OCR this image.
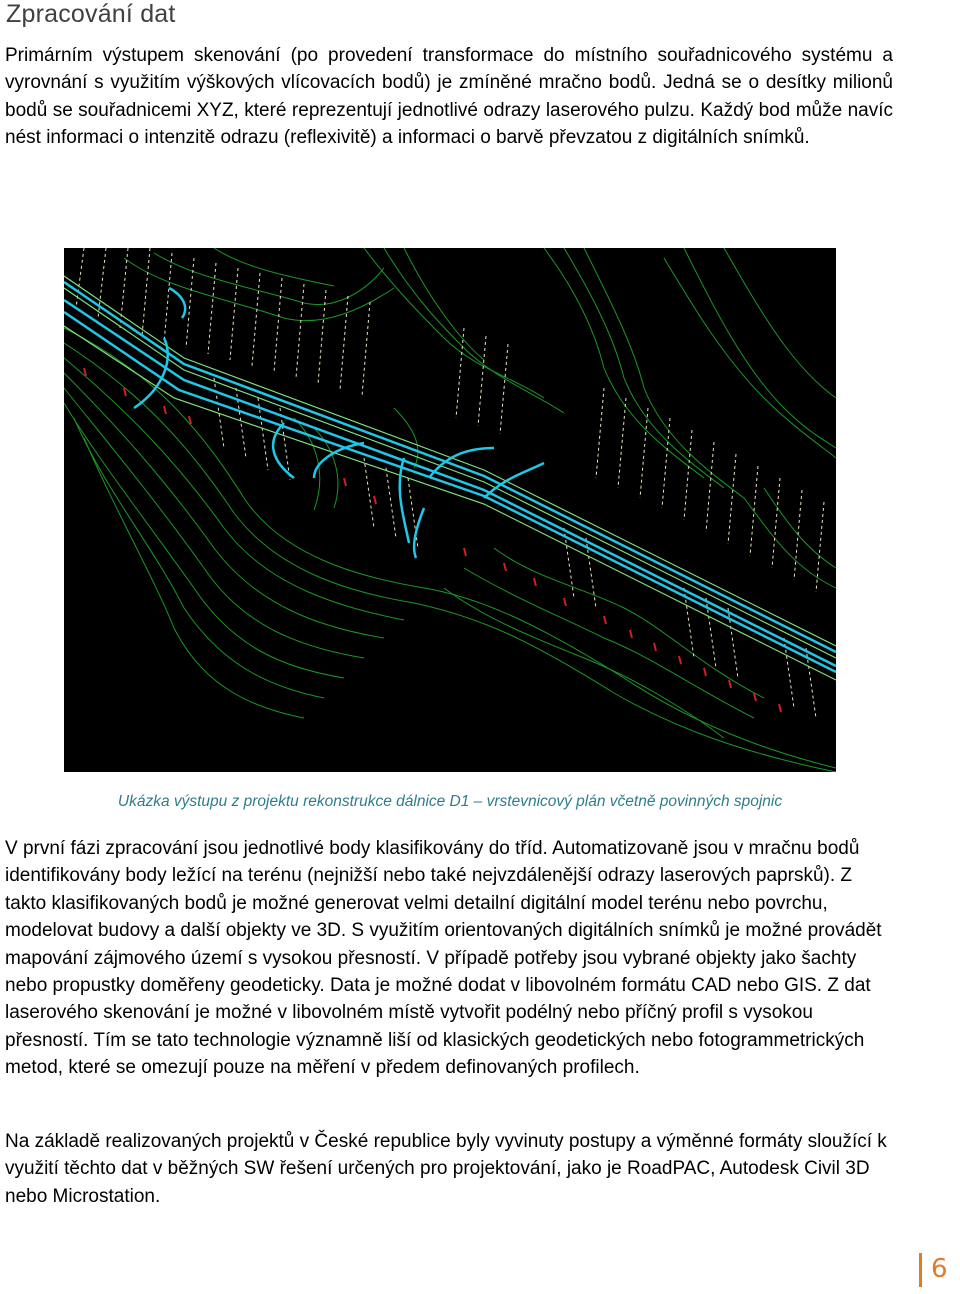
Zpracování dat

Primárním výstupem skenování (po provedení transformace do místního souřadnicového systému a vyrovnání s využitím výškových vlícovacích bodů) je zmíněné mračno bodů. Jedná se o desítky milionů bodů se souřadnicemi XYZ, které reprezentují jednotlivé odrazy laserového pulzu. Každý bod může navíc nést informaci o intenzitě odrazu (reflexivitě) a informaci o barvě převzatou z digitálních snímků.

Ukázka výstupu z projektu rekonstrukce dálnice D1 – vrstevnicový plán včetně povinných spojnic

V první fázi zpracování jsou jednotlivé body klasifikovány do tříd. Automatizovaně jsou v mračnu bodů identifikovány body ležící na terénu (nejnižší nebo také nejvzdálenější odrazy laserových paprsků). Z takto klasifikovaných bodů je možné generovat velmi detailní digitální model terénu nebo povrchu, modelovat budovy a další objekty ve 3D. S využitím orientovaných digitálních snímků je možné provádět mapování zájmového území s vysokou přesností. V případě potřeby jsou vybrané objekty jako šachty nebo propustky doměřeny geodeticky. Data je možné dodat v libovolném formátu CAD nebo GIS. Z dat laserového skenování je možné v libovolném místě vytvořit podélný nebo příčný profil s vysokou přesností. Tím se tato technologie významně liší od klasických geodetických nebo fotogrammetrických metod, které se omezují pouze na měření v předem definovaných profilech.

Na základě realizovaných projektů v České republice byly vyvinuty postupy a výměnné formáty sloužící k využití těchto dat v běžných SW řešení určených pro projektování, jako je RoadPAC, Autodesk Civil 3D nebo Microstation.

6
